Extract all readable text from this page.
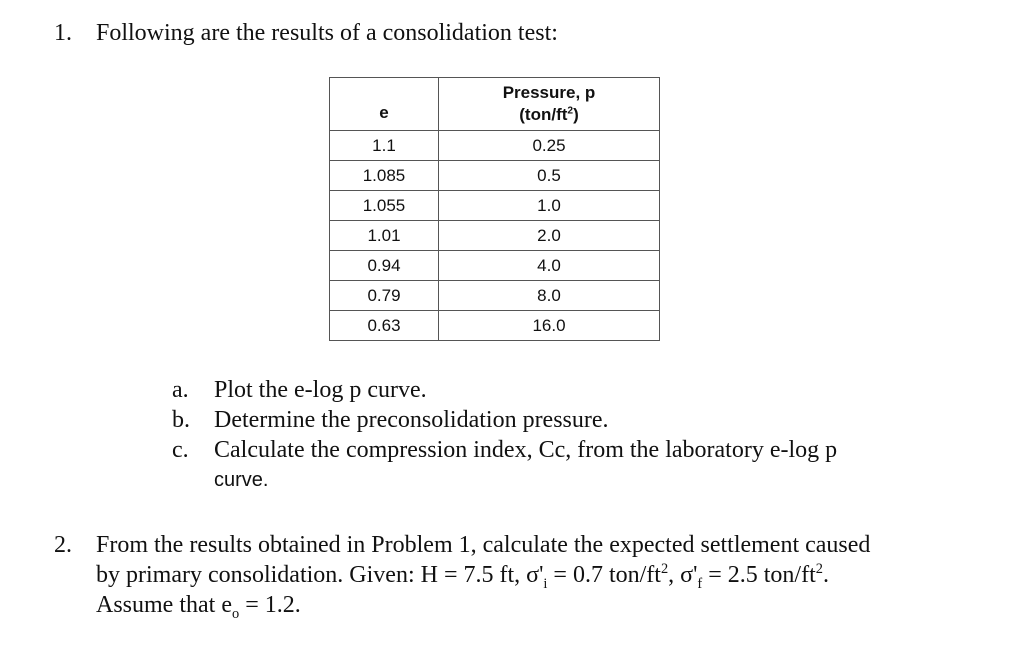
1. Following are the results of a consolidation test:
e	Pressure, p
$(ton/ft^2)$

1.1	0.25
1.085	0.5
1.055	1.0
1.01	2.0
0.94	4.0
0.79	8.0
0.63	16.0
a.	Plot the e-log p curve.
b.	Determine the preconsolidation pressure.
c.	Calculate the compression index, Cc, from the laboratory e-log p
curve.
2.	From the results obtained in Problem 1, calculate the expected settlement caused
by primary consolidation. Given: H = 7.5 ft, $\sigma'_i = 0.7$ ton/$ft^2$, $\sigma'_f = 2.5$ ton/$ft^2$.
Assume that $e_o = 1.2$.
